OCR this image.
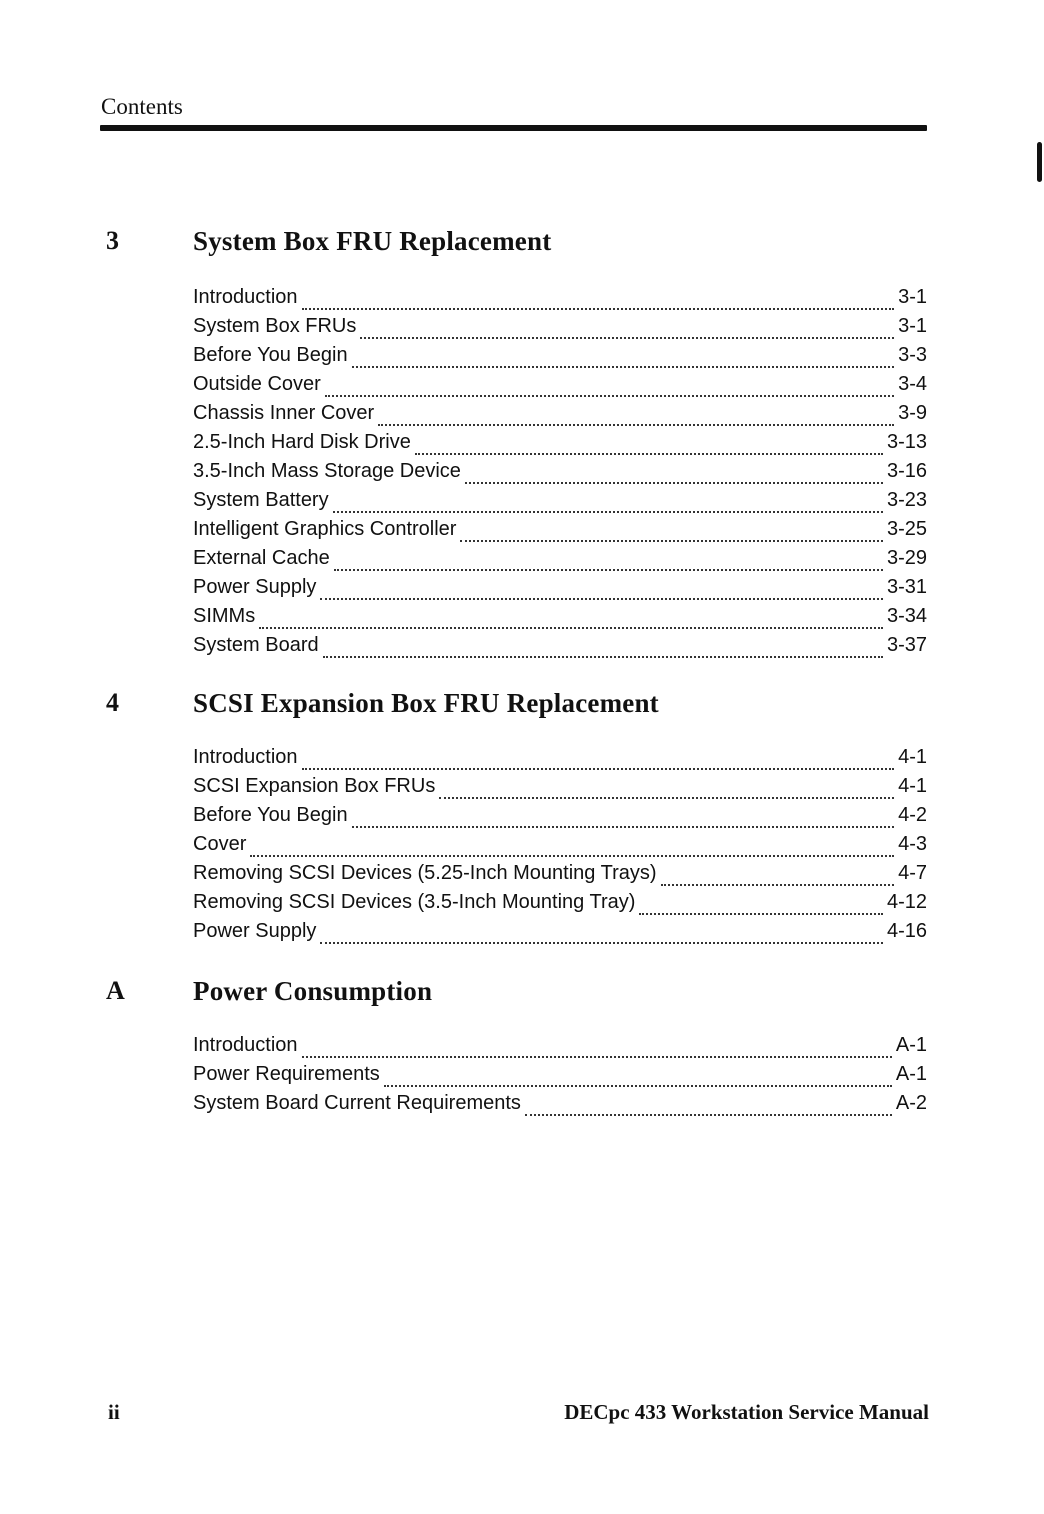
Contents
3	System Box FRU Replacement
Introduction	3-1
System Box FRUs	3-1
Before You Begin	3-3
Outside Cover	3-4
Chassis Inner Cover	3-9
2.5-Inch Hard Disk Drive	3-13
3.5-Inch Mass Storage Device	3-16
System Battery	3-23
Intelligent Graphics Controller	3-25
External Cache	3-29
Power Supply	3-31
SIMMs	3-34
System Board	3-37
4	SCSI Expansion Box FRU Replacement
Introduction	4-1
SCSI Expansion Box FRUs	4-1
Before You Begin	4-2
Cover	4-3
Removing SCSI Devices (5.25-Inch Mounting Trays)	4-7
Removing SCSI Devices (3.5-Inch Mounting Tray)	4-12
Power Supply	4-16
A	Power Consumption
Introduction	A-1
Power Requirements	A-1
System Board Current Requirements	A-2
ii	DECpc 433 Workstation Service Manual
